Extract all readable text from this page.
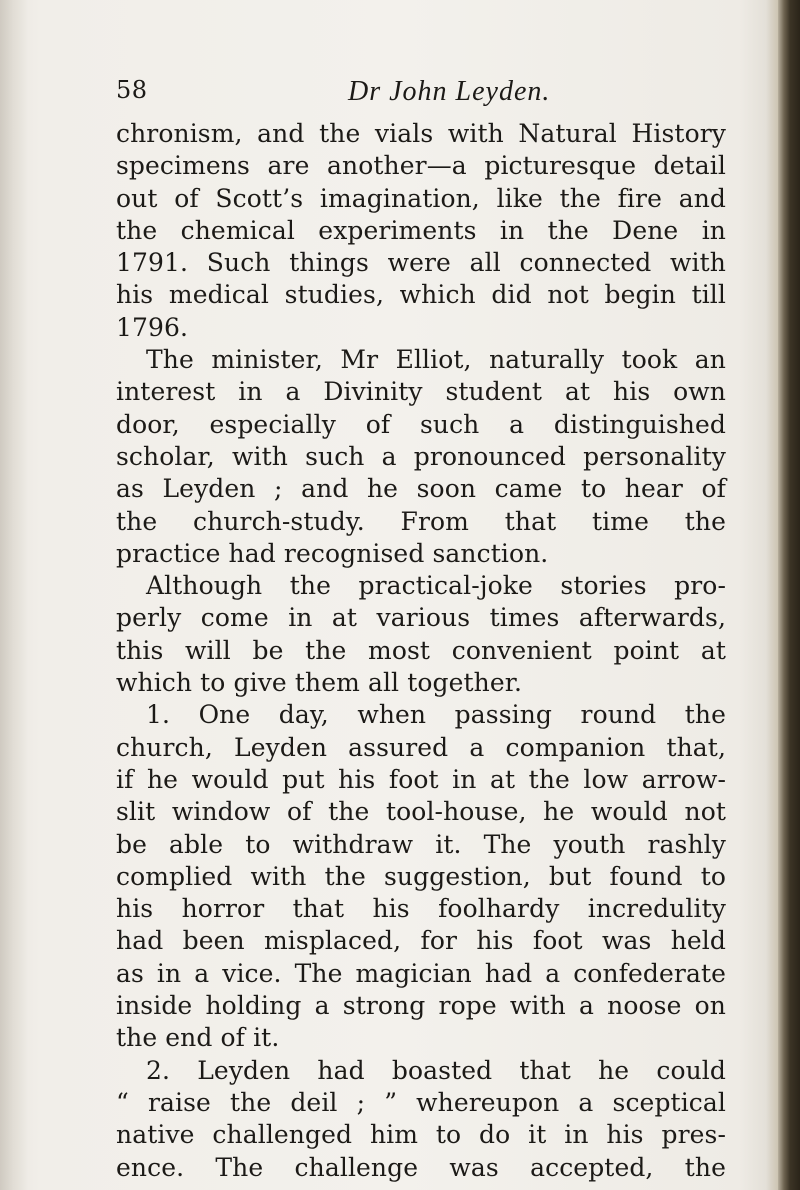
58	Dr John Leyden.
chronism, and the vials with Natural History
specimens are another—a picturesque detail
out of Scott’s imagination, like the fire and
the chemical experiments in the Dene in
1791. Such things were all connected with
his medical studies, which did not begin till
1796.
The minister, Mr Elliot, naturally took an
interest in a Divinity student at his own
door, especially of such a distinguished
scholar, with such a pronounced personality
as Leyden ; and he soon came to hear of
the church-study. From that time the
practice had recognised sanction.
Although the practical-joke stories pro-
perly come in at various times afterwards,
this will be the most convenient point at
which to give them all together.
1. One day, when passing round the
church, Leyden assured a companion that,
if he would put his foot in at the low arrow-
slit window of the tool-house, he would not
be able to withdraw it. The youth rashly
complied with the suggestion, but found to
his horror that his foolhardy incredulity
had been misplaced, for his foot was held
as in a vice. The magician had a confederate
inside holding a strong rope with a noose on
the end of it.
2. Leyden had boasted that he could
“ raise the deil ; ” whereupon a sceptical
native challenged him to do it in his pres-
ence. The challenge was accepted, the
